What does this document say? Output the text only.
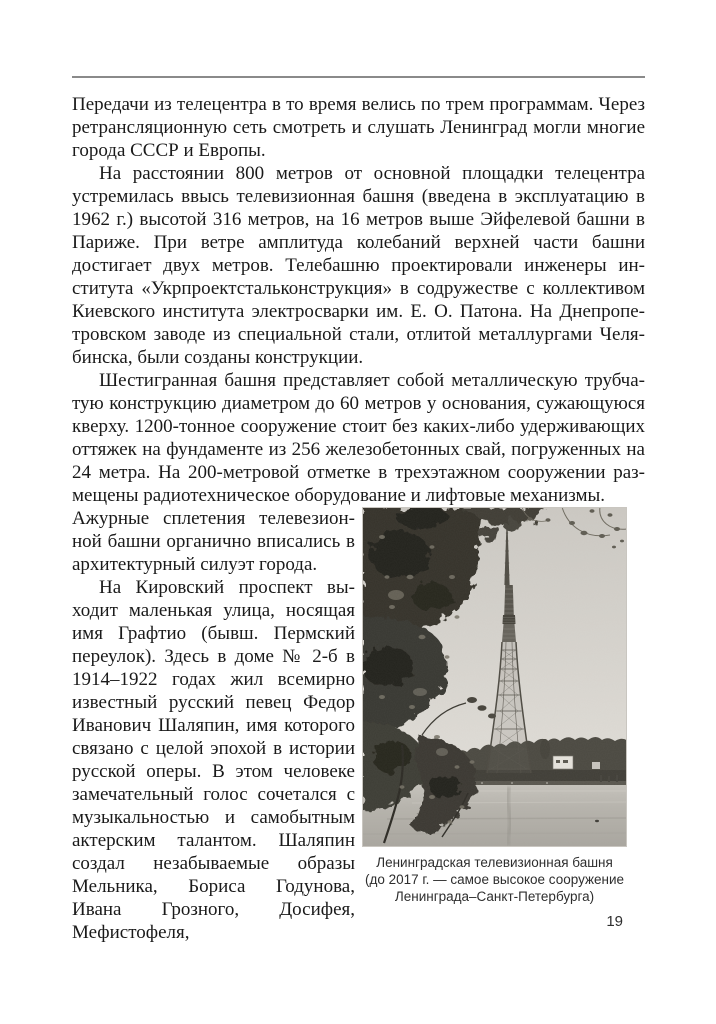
Передачи из телецентра в то время велись по трем программам. Через ретрансляционную сеть смотреть и слушать Ленинград могли многие города СССР и Европы.

На расстоянии 800 метров от основной площадки телецентра устремилась ввысь телевизионная башня (введена в эксплуатацию в 1962 г.) высотой 316 метров, на 16 метров выше Эйфелевой башни в Париже. При ветре амплитуда колебаний верхней части башни достигает двух метров. Телебашню проектировали инженеры института «Укрпроектстальконструкция» в содружестве с коллективом Киевского института электросварки им. Е. О. Патона. На Днепропетровском заводе из специальной стали, отлитой металлургами Челябинска, были созданы конструкции.

Шестигранная башня представляет собой металлическую трубчатую конструкцию диаметром до 60 метров у основания, сужающуюся кверху. 1200-тонное сооружение стоит без каких-либо удерживающих оттяжек на фундаменте из 256 железобетонных свай, погруженных на 24 метра. На 200-метровой отметке в трехэтажном сооружении размещены радиотехническое оборудование и лифтовые механизмы.

Ажурные сплетения телевезионной башни органично вписались в архитектурный силуэт города.

На Кировский проспект выходит маленькая улица, носящая имя Графтио (бывш. Пермский переулок). Здесь в доме № 2-б в 1914–1922 годах жил всемирно известный русский певец Федор Иванович Шаляпин, имя которого связано с целой эпохой в истории русской оперы. В этом человеке замечательный голос сочетался с музыкальностью и самобытным актерским талантом. Шаляпин создал незабываемые образы Мельника, Бориса Годунова, Ивана Грозного, Досифея, Мефистофеля,

Ленинградская телевизионная башня
(до 2017 г. — самое высокое сооружение
Ленинграда–Санкт-Петербурга)
19
